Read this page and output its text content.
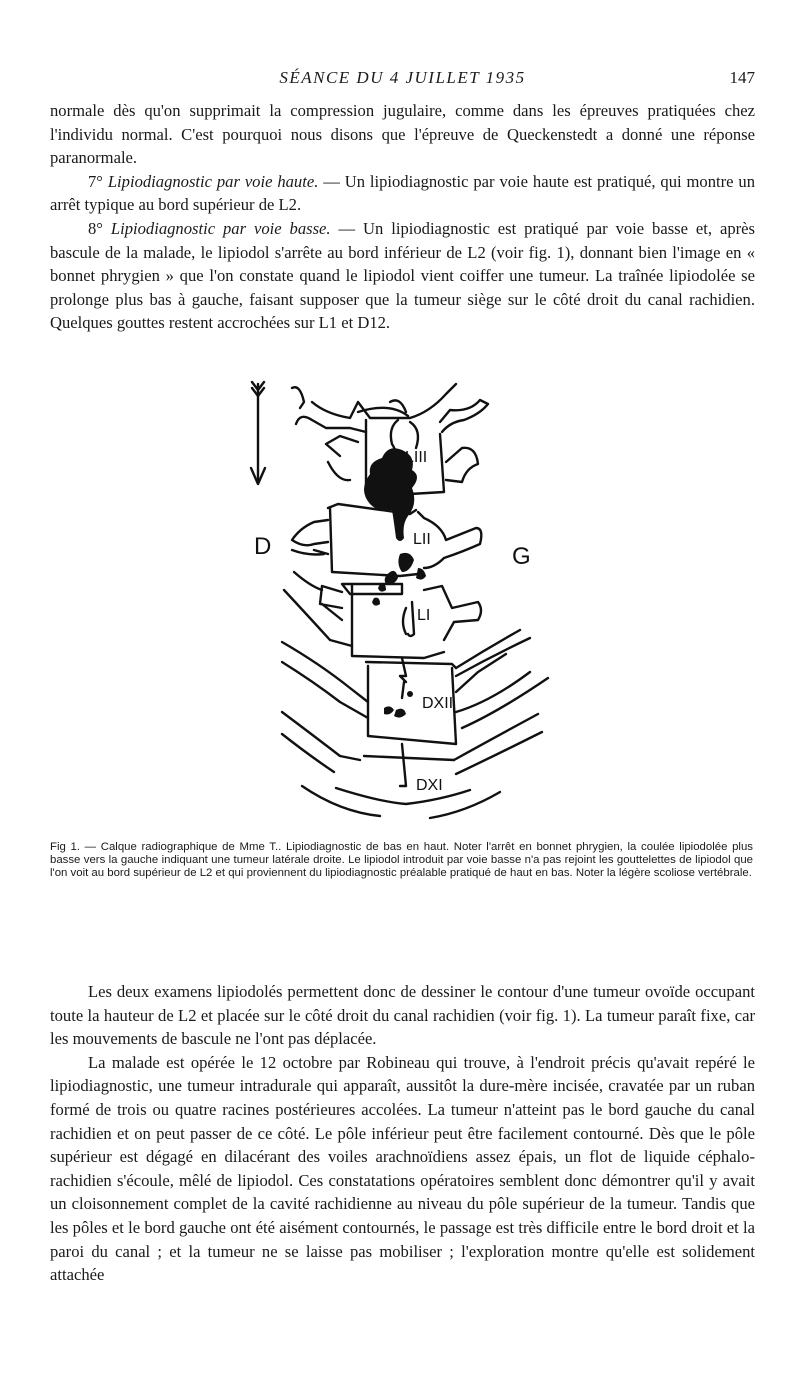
SÉANCE DU 4 JUILLET 1935	147

normale dès qu'on supprimait la compression jugulaire, comme dans les épreuves pratiquées chez l'individu normal. C'est pourquoi nous disons que l'épreuve de Queckenstedt a donné une réponse paranormale.

7° Lipiodiagnostic par voie haute. — Un lipiodiagnostic par voie haute est pratiqué, qui montre un arrêt typique au bord supérieur de L2.

8° Lipiodiagnostic par voie basse. — Un lipiodiagnostic est pratiqué par voie basse et, après bascule de la malade, le lipiodol s'arrête au bord inférieur de L2 (voir fig. 1), donnant bien l'image en « bonnet phrygien » que l'on constate quand le lipiodol vient coiffer une tumeur. La traînée lipiodolée se prolonge plus bas à gauche, faisant supposer que la tumeur siège sur le côté droit du canal rachidien. Quelques gouttes restent accrochées sur L1 et D12.

D	G
LIII
LII
LI
DXII
DXI
Fig 1. — Calque radiographique de Mme T.. Lipiodiagnostic de bas en haut. Noter l'arrêt en bonnet phrygien, la coulée lipiodolée plus basse vers la gauche indiquant une tumeur latérale droite. Le lipiodol introduit par voie basse n'a pas rejoint les gouttelettes de lipiodol que l'on voit au bord supérieur de L2 et qui proviennent du lipiodiagnostic préalable pratiqué de haut en bas. Noter la légère scoliose vertébrale.

Les deux examens lipiodolés permettent donc de dessiner le contour d'une tumeur ovoïde occupant toute la hauteur de L2 et placée sur le côté droit du canal rachidien (voir fig. 1). La tumeur paraît fixe, car les mouvements de bascule ne l'ont pas déplacée.

La malade est opérée le 12 octobre par Robineau qui trouve, à l'endroit précis qu'avait repéré le lipiodiagnostic, une tumeur intradurale qui apparaît, aussitôt la dure-mère incisée, cravatée par un ruban formé de trois ou quatre racines postérieures accolées. La tumeur n'atteint pas le bord gauche du canal rachidien et on peut passer de ce côté. Le pôle inférieur peut être facilement contourné. Dès que le pôle supérieur est dégagé en dilacérant des voiles arachnoïdiens assez épais, un flot de liquide céphalo-rachidien s'écoule, mêlé de lipiodol. Ces constatations opératoires semblent donc démontrer qu'il y avait un cloisonnement complet de la cavité rachidienne au niveau du pôle supérieur de la tumeur. Tandis que les pôles et le bord gauche ont été aisément contournés, le passage est très difficile entre le bord droit et la paroi du canal ; et la tumeur ne se laisse pas mobiliser ; l'exploration montre qu'elle est solidement attachée
